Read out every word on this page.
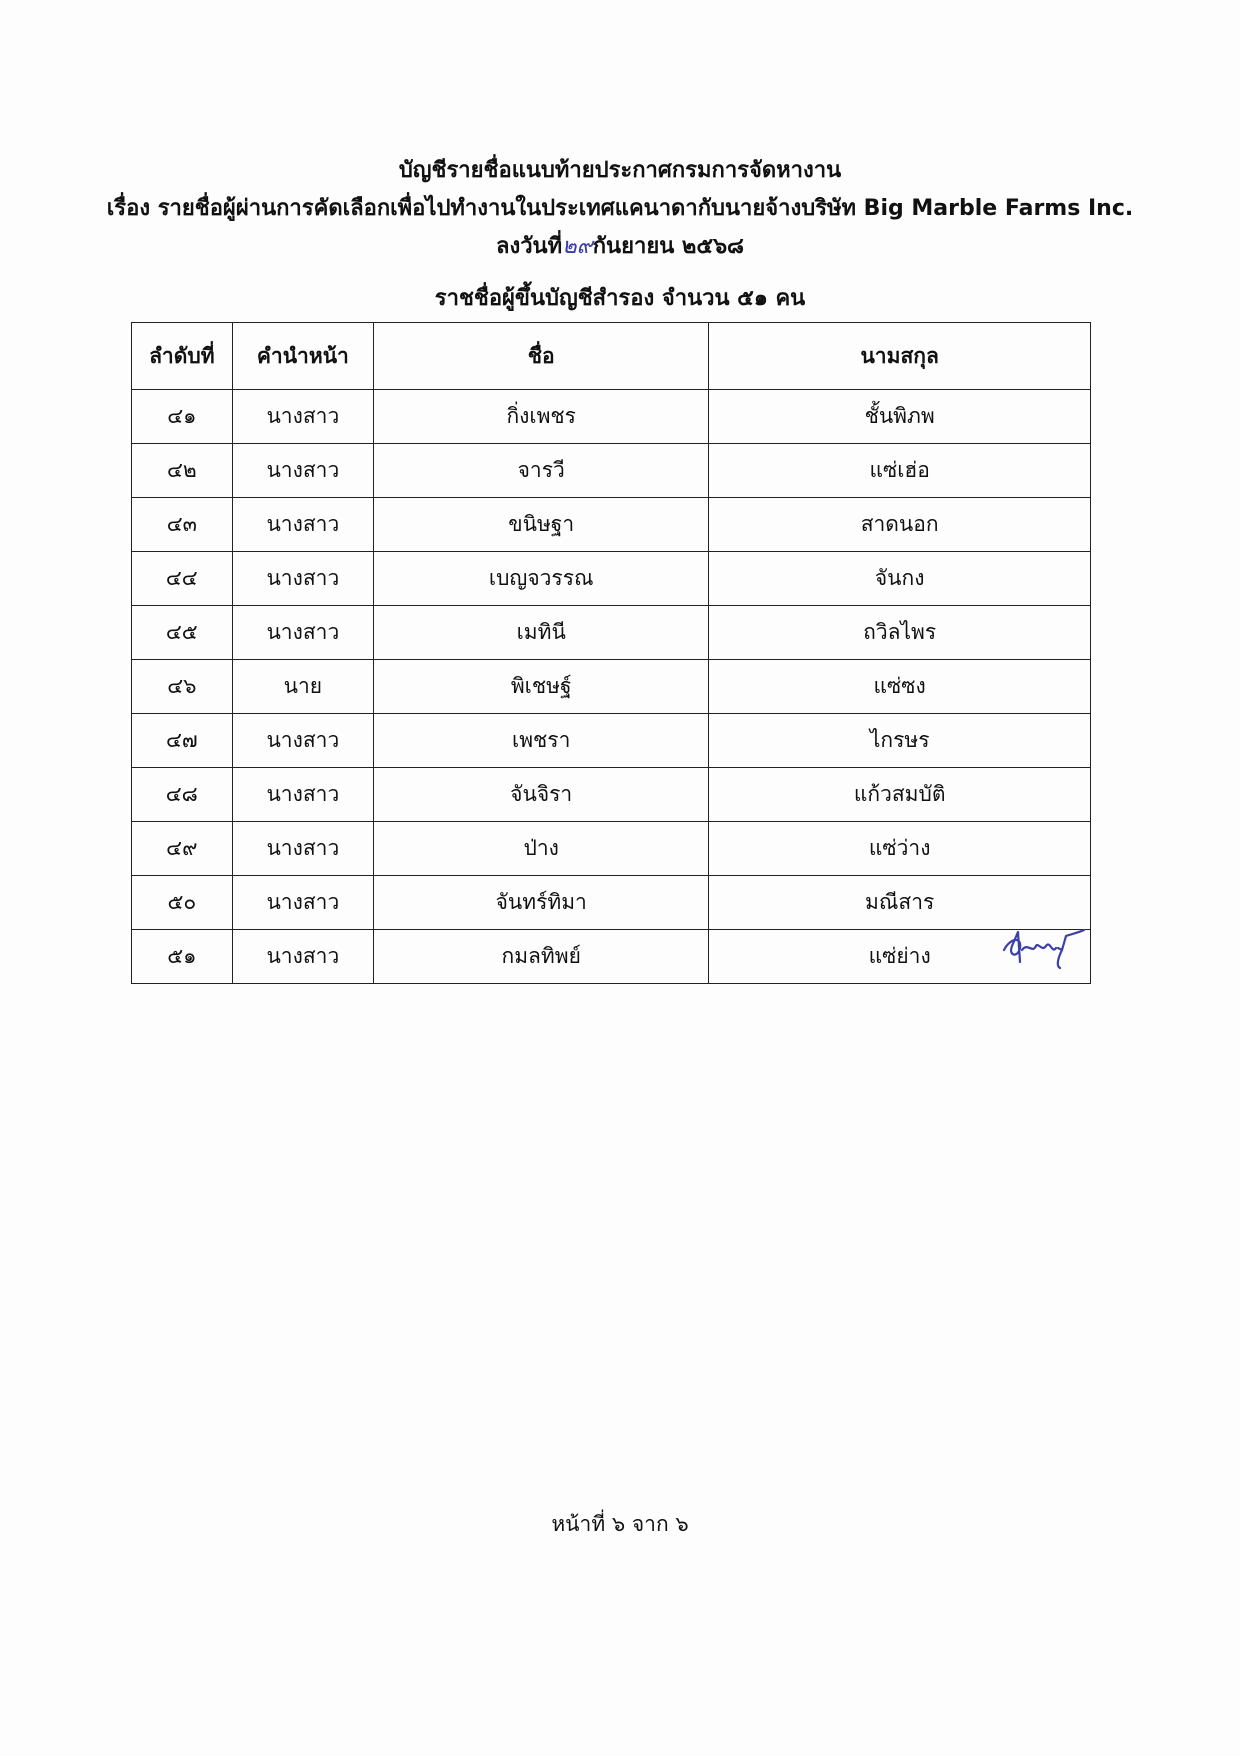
บัญชีรายชื่อแนบท้ายประกาศกรมการจัดหางาน
เรื่อง รายชื่อผู้ผ่านการคัดเลือกเพื่อไปทำงานในประเทศแคนาดากับนายจ้างบริษัท Big Marble Farms Inc.
ลงวันที่๒๙กันยายน ๒๕๖๘
ราชชื่อผู้ขึ้นบัญชีสำรอง จำนวน ๕๑ คน
ลำดับที่	คำนำหน้า	ชื่อ	นามสกุล
๔๑	นางสาว	กิ่งเพชร	ชั้นพิภพ
๔๒	นางสาว	จารวี	แซ่เฮ่อ
๔๓	นางสาว	ขนิษฐา	สาดนอก
๔๔	นางสาว	เบญจวรรณ	จันกง
๔๕	นางสาว	เมทินี	ถวิลไพร
๔๖	นาย	พิเชษฐ์	แซ่ซง
๔๗	นางสาว	เพชรา	ไกรษร
๔๘	นางสาว	จันจิรา	แก้วสมบัติ
๔๙	นางสาว	ป่าง	แซ่ว่าง
๕๐	นางสาว	จันทร์ทิมา	มณีสาร
๕๑	นางสาว	กมลทิพย์	แซ่ย่าง
หน้าที่ ๖ จาก ๖
